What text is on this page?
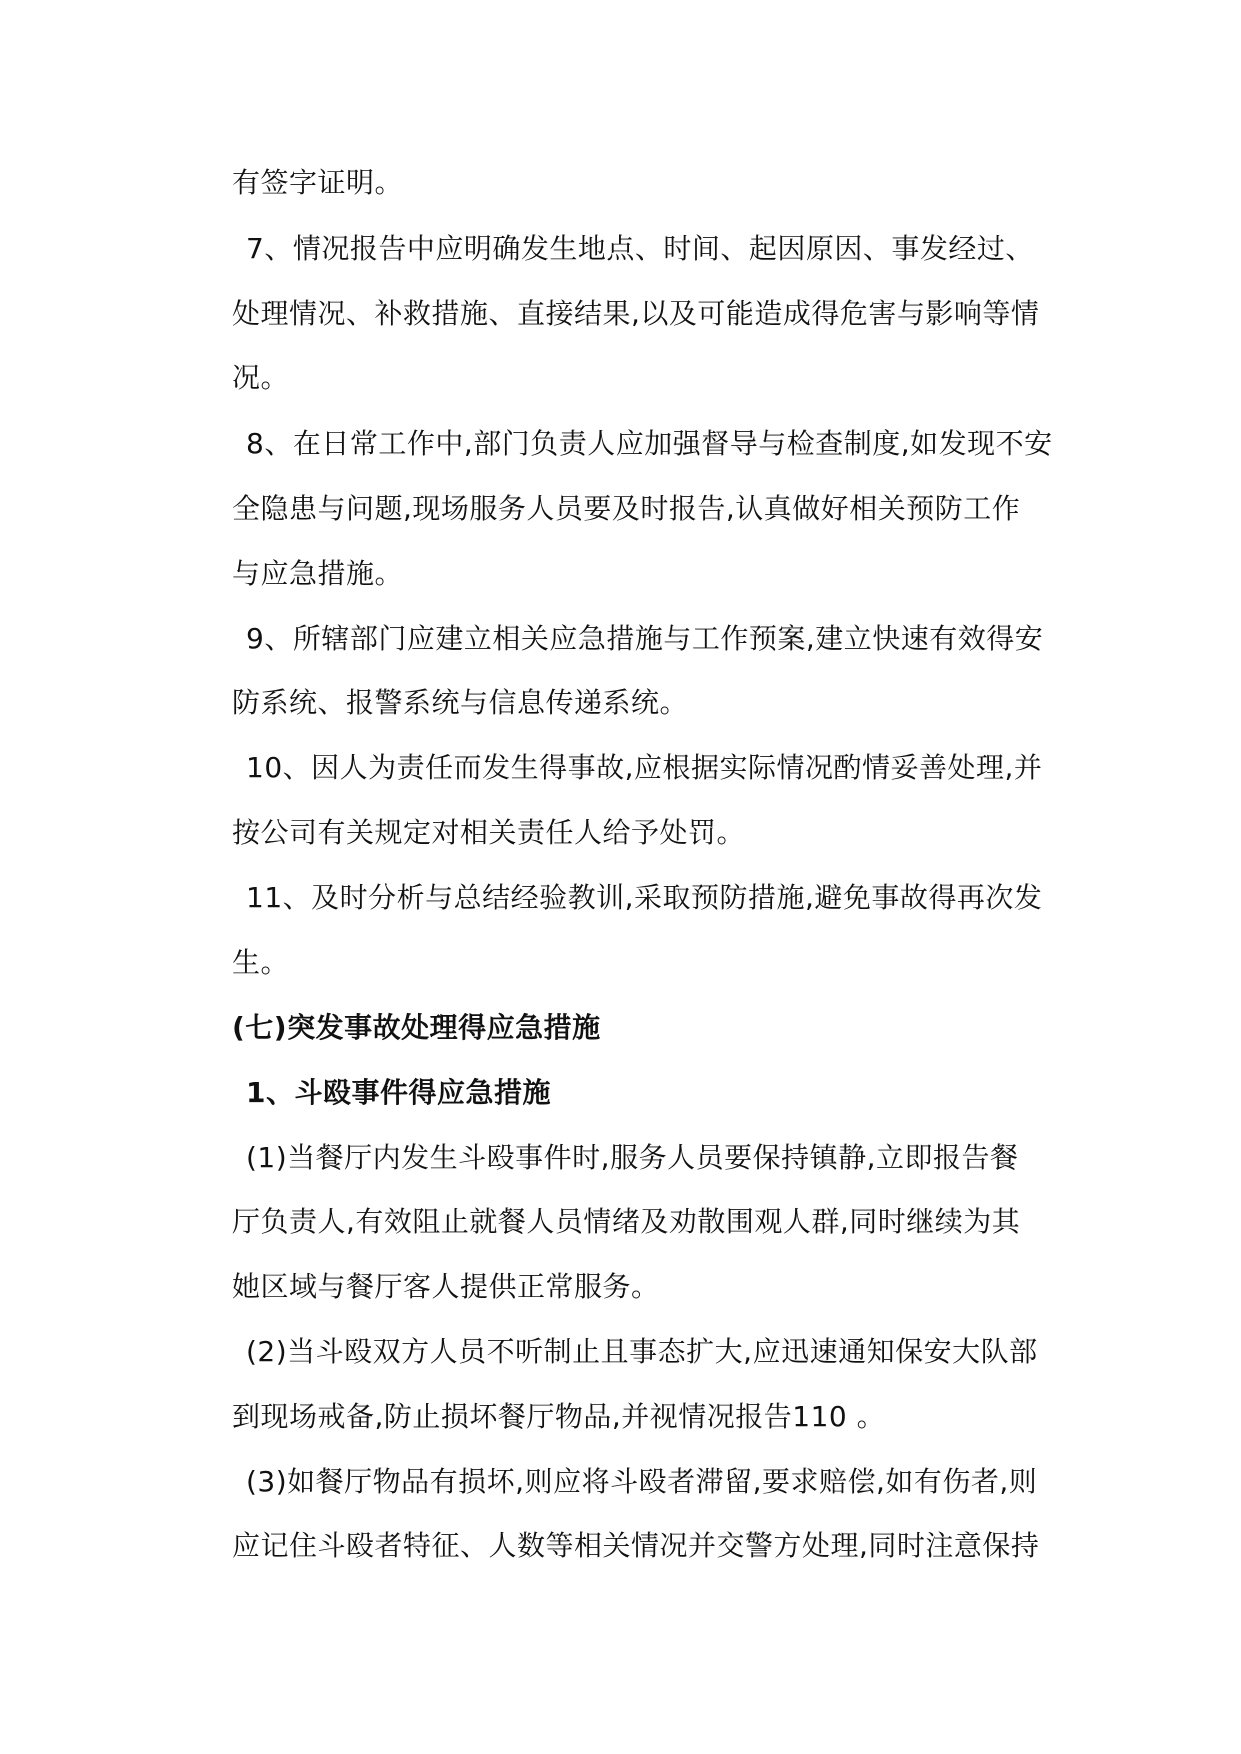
有签字证明。
7、情况报告中应明确发生地点、时间、起因原因、事发经过、
处理情况、补救措施、直接结果,以及可能造成得危害与影响等情
况。
8、在日常工作中,部门负责人应加强督导与检查制度,如发现不安
全隐患与问题,现场服务人员要及时报告,认真做好相关预防工作
与应急措施。
9、所辖部门应建立相关应急措施与工作预案,建立快速有效得安
防系统、报警系统与信息传递系统。
10、因人为责任而发生得事故,应根据实际情况酌情妥善处理,并
按公司有关规定对相关责任人给予处罚。
11、及时分析与总结经验教训,采取预防措施,避免事故得再次发
生。
(七)突发事故处理得应急措施
1、斗殴事件得应急措施
(1)当餐厅内发生斗殴事件时,服务人员要保持镇静,立即报告餐
厅负责人,有效阻止就餐人员情绪及劝散围观人群,同时继续为其
她区域与餐厅客人提供正常服务。
(2)当斗殴双方人员不听制止且事态扩大,应迅速通知保安大队部
到现场戒备,防止损坏餐厅物品,并视情况报告110 。
(3)如餐厅物品有损坏,则应将斗殴者滞留,要求赔偿,如有伤者,则
应记住斗殴者特征、人数等相关情况并交警方处理,同时注意保持
